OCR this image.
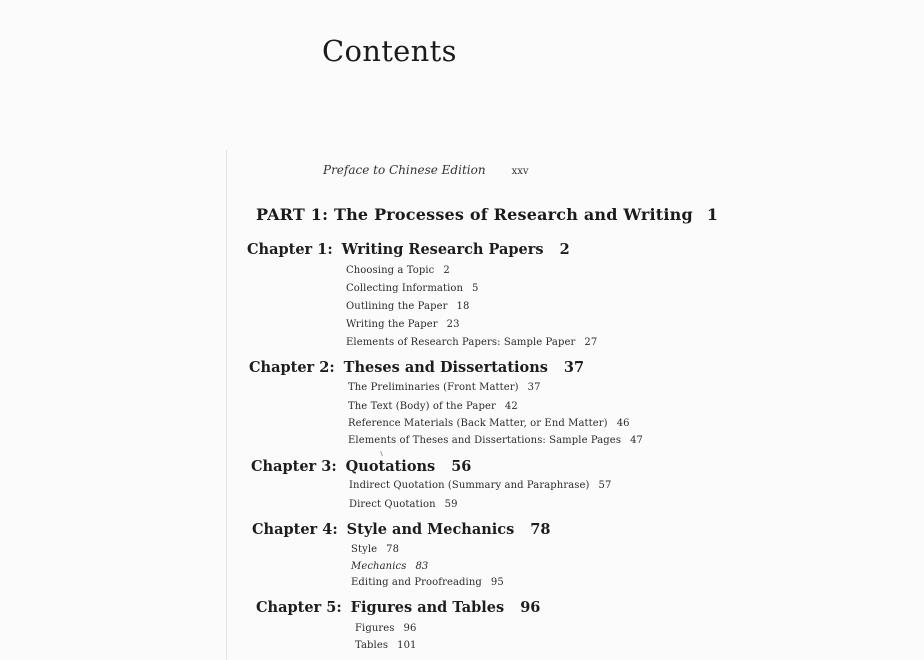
Contents
Preface to Chinese Edition	xxv
PART 1: The Processes of Research and Writing 1
Chapter 1: Writing Research Papers 2
Choosing a Topic 2
Collecting Information 5
Outlining the Paper 18
Writing the Paper 23
Elements of Research Papers: Sample Paper 27
Chapter 2: Theses and Dissertations 37
The Preliminaries (Front Matter) 37
The Text (Body) of the Paper 42
Reference Materials (Back Matter, or End Matter) 46
Elements of Theses and Dissertations: Sample Pages 47
Chapter 3: Quotations 56
Indirect Quotation (Summary and Paraphrase) 57
Direct Quotation 59
Chapter 4: Style and Mechanics 78
Style 78
Mechanics 83
Editing and Proofreading 95
Chapter 5: Figures and Tables 96
Figures 96
Tables 101
